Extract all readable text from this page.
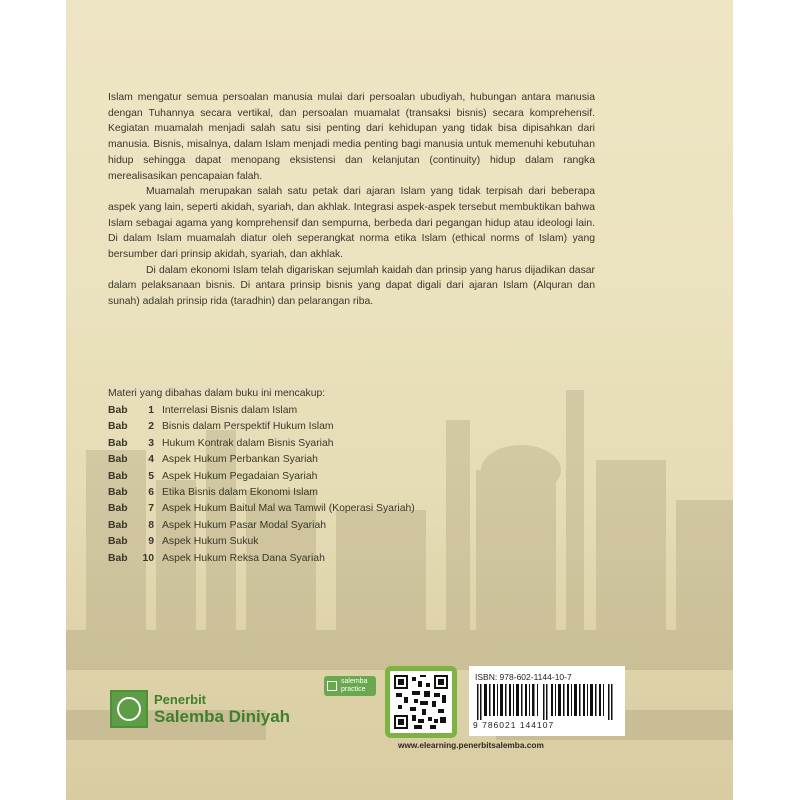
Islam mengatur semua persoalan manusia mulai dari persoalan ubudiyah, hubungan antara manusia dengan Tuhannya secara vertikal, dan persoalan muamalat (transaksi bisnis) secara komprehensif. Kegiatan muamalah menjadi salah satu sisi penting dari kehidupan yang tidak bisa dipisahkan dari manusia. Bisnis, misalnya, dalam Islam menjadi media penting bagi manusia untuk memenuhi kebutuhan hidup sehingga dapat menopang eksistensi dan kelanjutan (continuity) hidup dalam rangka merealisasikan pencapaian falah.

Muamalah merupakan salah satu petak dari ajaran Islam yang tidak terpisah dari beberapa aspek yang lain, seperti akidah, syariah, dan akhlak. Integrasi aspek-aspek tersebut membuktikan bahwa Islam sebagai agama yang komprehensif dan sempurna, berbeda dari pegangan hidup atau ideologi lain. Di dalam Islam muamalah diatur oleh seperangkat norma etika Islam (ethical norms of Islam) yang bersumber dari prinsip akidah, syariah, dan akhlak.

Di dalam ekonomi Islam telah digariskan sejumlah kaidah dan prinsip yang harus dijadikan dasar dalam pelaksanaan bisnis. Di antara prinsip bisnis yang dapat digali dari ajaran Islam (Alquran dan sunah) adalah prinsip rida (taradhin) dan pelarangan riba.

Materi yang dibahas dalam buku ini mencakup:
Bab	1 Interrelasi Bisnis dalam Islam
Bab	2 Bisnis dalam Perspektif Hukum Islam
Bab	3 Hukum Kontrak dalam Bisnis Syariah
Bab	4 Aspek Hukum Perbankan Syariah
Bab	5 Aspek Hukum Pegadaian Syariah
Bab	6 Etika Bisnis dalam Ekonomi Islam
Bab	7 Aspek Hukum Baitul Mal wa Tamwil (Koperasi Syariah)
Bab	8 Aspek Hukum Pasar Modal Syariah
Bab	9 Aspek Hukum Sukuk
Bab	10 Aspek Hukum Reksa Dana Syariah
Penerbit
Salemba Diniyah
salemba
practice
ISBN: 978-602-1144-10-7
9 786021 144107
www.elearning.penerbitsalemba.com
